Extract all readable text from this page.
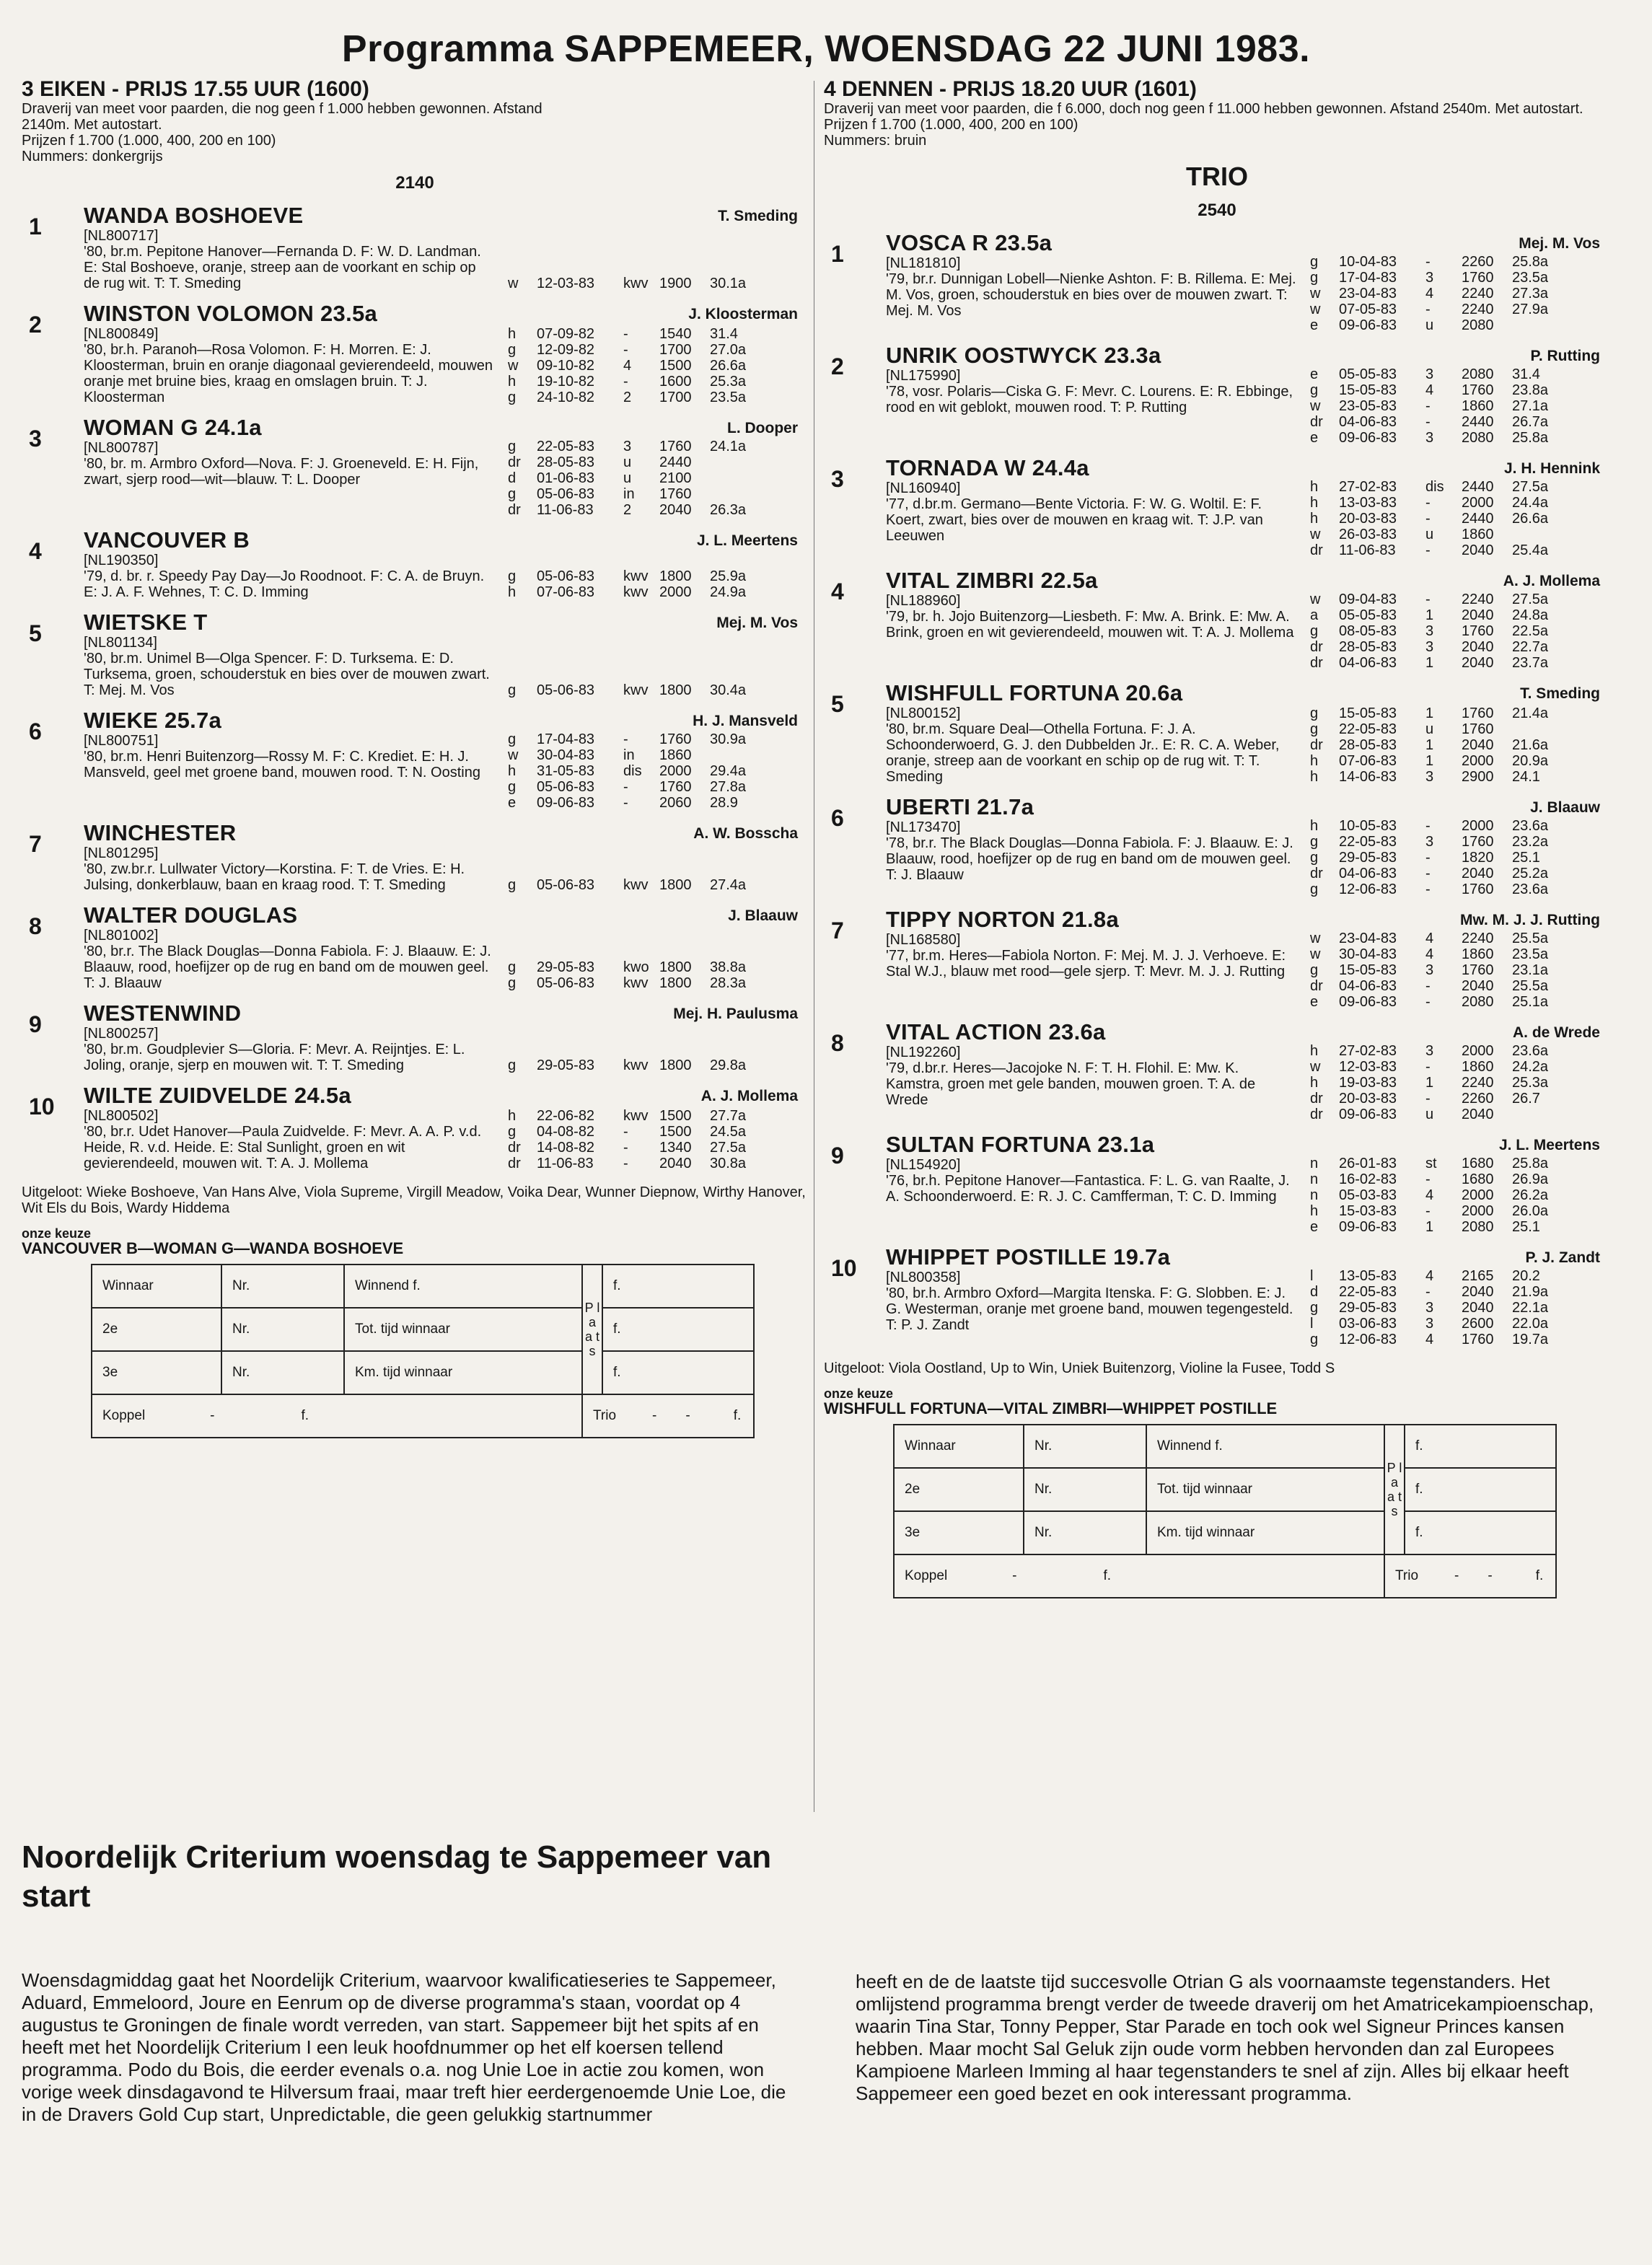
Programma SAPPEMEER, WOENSDAG 22 JUNI 1983.
3 EIKEN - PRIJS 17.55 UUR (1600)
Draverij van meet voor paarden, die nog geen f 1.000 hebben gewonnen. Afstand
2140m. Met autostart.
Prijzen f 1.700 (1.000, 400, 200 en 100)
Nummers: donkergrijs
2140
1	WANDA BOSHOEVE
[NL800717]
'80, br.m. Pepitone Hanover—Fernanda D. F: W. D. Landman. E: Stal Boshoeve, oranje, streep aan de voorkant en schip op de rug wit. T: T. Smeding
T. Smeding
w	12-03-83	kwv 1900	30.1a
2	WINSTON VOLOMON 23.5a
[NL800849]
'80, br.h. Paranoh—Rosa Volomon. F: H. Morren. E: J. Kloosterman, bruin en oranje diagonaal gevierendeeld, mouwen oranje met bruine bies, kraag en omslagen bruin. T: J. Kloosterman
J. Kloosterman
h	07-09-82	-	1540	31.4
g	12-09-82	-	1700	27.0a
w	09-10-82	4	1500	26.6a
h	19-10-82	-	1600	25.3a
g	24-10-82	2	1700	23.5a
3	WOMAN G 24.1a
[NL800787]
'80, br. m. Armbro Oxford—Nova. F: J. Groeneveld. E: H. Fijn, zwart, sjerp rood—wit—blauw. T: L. Dooper
L. Dooper
g	22-05-83	3	1760	24.1a
dr	28-05-83	u	2440
d	01-06-83	u	2100
g	05-06-83	in	1760
dr	11-06-83	2	2040	26.3a
4	VANCOUVER B
[NL190350]
'79, d. br. r. Speedy Pay Day—Jo Roodnoot. F: C. A. de Bruyn. E: J. A. F. Wehnes, T: C. D. Imming
J. L. Meertens
g	05-06-83	kwv 1800	25.9a
h	07-06-83	kwv 2000	24.9a
5	WIETSKE T
[NL801134]
'80, br.m. Unimel B—Olga Spencer. F: D. Turksema. E: D. Turksema, groen, schouderstuk en bies over de mouwen zwart. T: Mej. M. Vos
Mej. M. Vos
g	05-06-83	kwv 1800	30.4a
6	WIEKE 25.7a
[NL800751]
'80, br.m. Henri Buitenzorg—Rossy M. F: C. Krediet. E: H. J. Mansveld, geel met groene band, mouwen rood. T: N. Oosting
H. J. Mansveld
g	17-04-83	-	1760	30.9a
w	30-04-83	in	1860
h	31-05-83	dis	2000	29.4a
g	05-06-83	-	1760	27.8a
e	09-06-83	-	2060	28.9
7	WINCHESTER
[NL801295]
'80, zw.br.r. Lullwater Victory—Korstina. F: T. de Vries. E: H. Julsing, donkerblauw, baan en kraag rood. T: T. Smeding
A. W. Bosscha
g	05-06-83	kwv 1800	27.4a
8	WALTER DOUGLAS
[NL801002]
'80, br.r. The Black Douglas—Donna Fabiola. F: J. Blaauw. E: J. Blaauw, rood, hoefijzer op de rug en band om de mouwen geel. T: J. Blaauw
J. Blaauw
g	29-05-83	kwo 1800	38.8a
g	05-06-83	kwv 1800	28.3a
9	WESTENWIND
[NL800257]
'80, br.m. Goudplevier S—Gloria. F: Mevr. A. Reijntjes. E: L. Joling, oranje, sjerp en mouwen wit. T: T. Smeding
Mej. H. Paulusma
g	29-05-83	kwv 1800	29.8a
10	WILTE ZUIDVELDE 24.5a
[NL800502]
'80, br.r. Udet Hanover—Paula Zuidvelde. F: Mevr. A. A. P. v.d. Heide, R. v.d. Heide. E: Stal Sunlight, groen en wit gevierendeeld, mouwen wit. T: A. J. Mollema
A. J. Mollema
h	22-06-82	kwv 1500	27.7a
g	04-08-82	-	1500	24.5a
dr	14-08-82	-	1340	27.5a
dr	11-06-83	-	2040	30.8a
Uitgeloot: Wieke Boshoeve, Van Hans Alve, Viola Supreme, Virgill Meadow, Voika Dear, Wunner Diepnow, Wirthy Hanover, Wit Els du Bois, Wardy Hiddema
onze keuze
VANCOUVER B—WOMAN G—WANDA BOSHOEVE
Winnaar	Nr.	Winnend f.	P l a a t s	f.
2e	Nr.	Tot. tijd winnaar		f.
3e	Nr.	Km. tijd winnaar		f.
Koppel - f.			Trio - - f.	
4 DENNEN - PRIJS 18.20 UUR (1601)
Draverij van meet voor paarden, die f 6.000, doch nog geen f 11.000 hebben gewonnen. Afstand 2540m. Met autostart.
Prijzen f 1.700 (1.000, 400, 200 en 100)
Nummers: bruin
TRIO
2540
1	VOSCA R 23.5a
[NL181810]
'79, br.r. Dunnigan Lobell—Nienke Ashton. F: B. Rillema. E: Mej. M. Vos, groen, schouderstuk en bies over de mouwen zwart. T: Mej. M. Vos
Mej. M. Vos
g	10-04-83	-	2260	25.8a
g	17-04-83	3	1760	23.5a
w	23-04-83	4	2240	27.3a
w	07-05-83	-	2240	27.9a
e	09-06-83	u	2080
2	UNRIK OOSTWYCK 23.3a
[NL175990]
'78, vosr. Polaris—Ciska G. F: Mevr. C. Lourens. E: R. Ebbinge, rood en wit geblokt, mouwen rood. T: P. Rutting
P. Rutting
e	05-05-83	3	2080	31.4
g	15-05-83	4	1760	23.8a
w	23-05-83	-	1860	27.1a
dr	04-06-83	-	2440	26.7a
e	09-06-83	3	2080	25.8a
3	TORNADA W 24.4a
[NL160940]
'77, d.br.m. Germano—Bente Victoria. F: W. G. Woltil. E: F. Koert, zwart, bies over de mouwen en kraag wit. T: J.P. van Leeuwen
J. H. Hennink
h	27-02-83	dis	2440	27.5a
h	13-03-83	-	2000	24.4a
h	20-03-83	-	2440	26.6a
w	26-03-83	u	1860
dr	11-06-83	-	2040	25.4a
4	VITAL ZIMBRI 22.5a
[NL188960]
'79, br. h. Jojo Buitenzorg—Liesbeth. F: Mw. A. Brink. E: Mw. A. Brink, groen en wit gevierendeeld, mouwen wit. T: A. J. Mollema
A. J. Mollema
w	09-04-83	-	2240	27.5a
a	05-05-83	1	2040	24.8a
g	08-05-83	3	1760	22.5a
dr	28-05-83	3	2040	22.7a
dr	04-06-83	1	2040	23.7a
5	WISHFULL FORTUNA 20.6a
[NL800152]
'80, br.m. Square Deal—Othella Fortuna. F: J. A. Schoonderwoerd, G. J. den Dubbelden Jr.. E: R. C. A. Weber, oranje, streep aan de voorkant en schip op de rug wit. T: T. Smeding
T. Smeding
g	15-05-83	1	1760	21.4a
g	22-05-83	u	1760
dr	28-05-83	1	2040	21.6a
h	07-06-83	1	2000	20.9a
h	14-06-83	3	2900	24.1
6	UBERTI 21.7a
[NL173470]
'78, br.r. The Black Douglas—Donna Fabiola. F: J. Blaauw. E: J. Blaauw, rood, hoefijzer op de rug en band om de mouwen geel. T: J. Blaauw
J. Blaauw
h	10-05-83	-	2000	23.6a
g	22-05-83	3	1760	23.2a
g	29-05-83	-	1820	25.1
dr	04-06-83	-	2040	25.2a
g	12-06-83	-	1760	23.6a
7	TIPPY NORTON 21.8a
[NL168580]
'77, br.m. Heres—Fabiola Norton. F: Mej. M. J. J. Verhoeve. E: Stal W.J., blauw met rood—gele sjerp. T: Mevr. M. J. J. Rutting
Mw. M. J. J. Rutting
w	23-04-83	4	2240	25.5a
w	30-04-83	4	1860	23.5a
g	15-05-83	3	1760	23.1a
dr	04-06-83	-	2040	25.5a
e	09-06-83	-	2080	25.1a
8	VITAL ACTION 23.6a
[NL192260]
'79, d.br.r. Heres—Jacojoke N. F: T. H. Flohil. E: Mw. K. Kamstra, groen met gele banden, mouwen groen. T: A. de Wrede
A. de Wrede
h	27-02-83	3	2000	23.6a
w	12-03-83	-	1860	24.2a
h	19-03-83	1	2240	25.3a
dr	20-03-83	-	2260	26.7
dr	09-06-83	u	2040
9	SULTAN FORTUNA 23.1a
[NL154920]
'76, br.h. Pepitone Hanover—Fantastica. F: L. G. van Raalte, J. A. Schoonderwoerd. E: R. J. C. Camfferman, T: C. D. Imming
J. L. Meertens
n	26-01-83	st	1680	25.8a
n	16-02-83	-	1680	26.9a
n	05-03-83	4	2000	26.2a
h	15-03-83	-	2000	26.0a
e	09-06-83	1	2080	25.1
10	WHIPPET POSTILLE 19.7a
[NL800358]
'80, br.h. Armbro Oxford—Margita Itenska. F: G. Slobben. E: J. G. Westerman, oranje met groene band, mouwen tegengesteld. T: P. J. Zandt
P. J. Zandt
l	13-05-83	4	2165	20.2
d	22-05-83	-	2040	21.9a
g	29-05-83	3	2040	22.1a
l	03-06-83	3	2600	22.0a
g	12-06-83	4	1760	19.7a
Uitgeloot: Viola Oostland, Up to Win, Uniek Buitenzorg, Violine la Fusee, Todd S
onze keuze
WISHFULL FORTUNA—VITAL ZIMBRI—WHIPPET POSTILLE
Winnaar	Nr.	Winnend f.	P l a a t s	f.
2e	Nr.	Tot. tijd winnaar		f.
3e	Nr.	Km. tijd winnaar		f.
Koppel - f.			Trio - - f.	
Noordelijk Criterium woensdag te Sappemeer van start
Woensdagmiddag gaat het Noordelijk Criterium, waarvoor kwalificatieseries te Sappemeer, Aduard, Emmeloord, Joure en Eenrum op de diverse programma's staan, voordat op 4 augustus te Groningen de finale wordt verreden, van start. Sappemeer bijt het spits af en heeft met het Noordelijk Criterium I een leuk hoofdnummer op het elf koersen tellend programma. Podo du Bois, die eerder evenals o.a. nog Unie Loe in actie zou komen, won vorige week dinsdagavond te Hilversum fraai, maar treft hier eerdergenoemde Unie Loe, die in de Dravers Gold Cup start, Unpredictable, die geen gelukkig startnummer
heeft en de de laatste tijd succesvolle Otrian G als voornaamste tegenstanders. Het omlijstend programma brengt verder de tweede draverij om het Amatricekampioenschap, waarin Tina Star, Tonny Pepper, Star Parade en toch ook wel Signeur Princes kansen hebben. Maar mocht Sal Geluk zijn oude vorm hebben hervonden dan zal Europees Kampioene Marleen Imming al haar tegenstanders te snel af zijn. Alles bij elkaar heeft Sappemeer een goed bezet en ook interessant programma.
